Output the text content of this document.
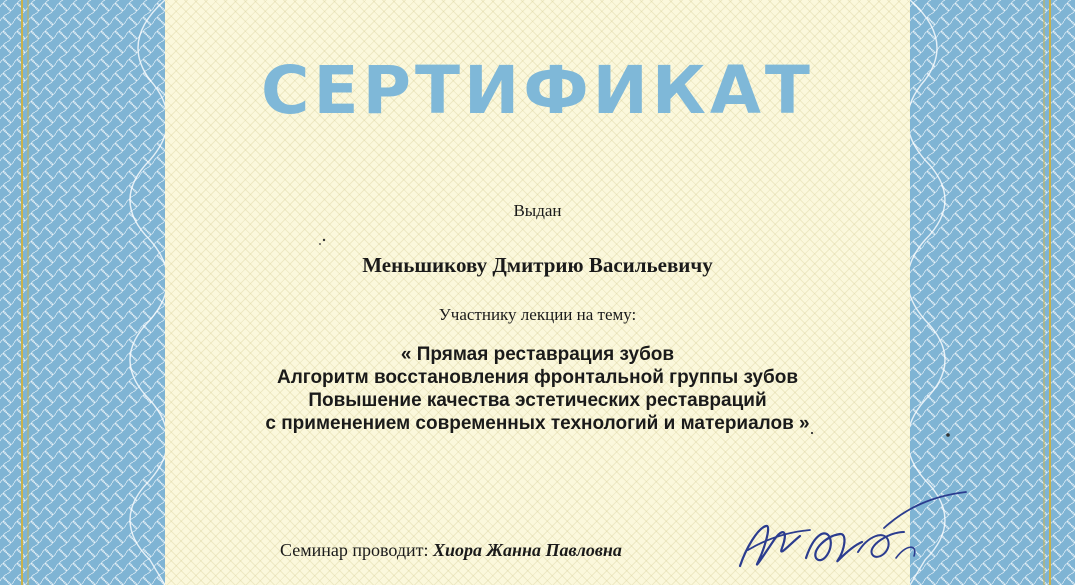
СЕРТИФИКАТ
Выдан
Меньшикову Дмитрию Васильевичу
Участнику лекции на тему:
« Прямая реставрация зубов
Алгоритм восстановления фронтальной группы зубов
Повышение качества эстетических реставраций
с применением современных технологий и материалов »
Семинар проводит: Хиора Жанна Павловна
